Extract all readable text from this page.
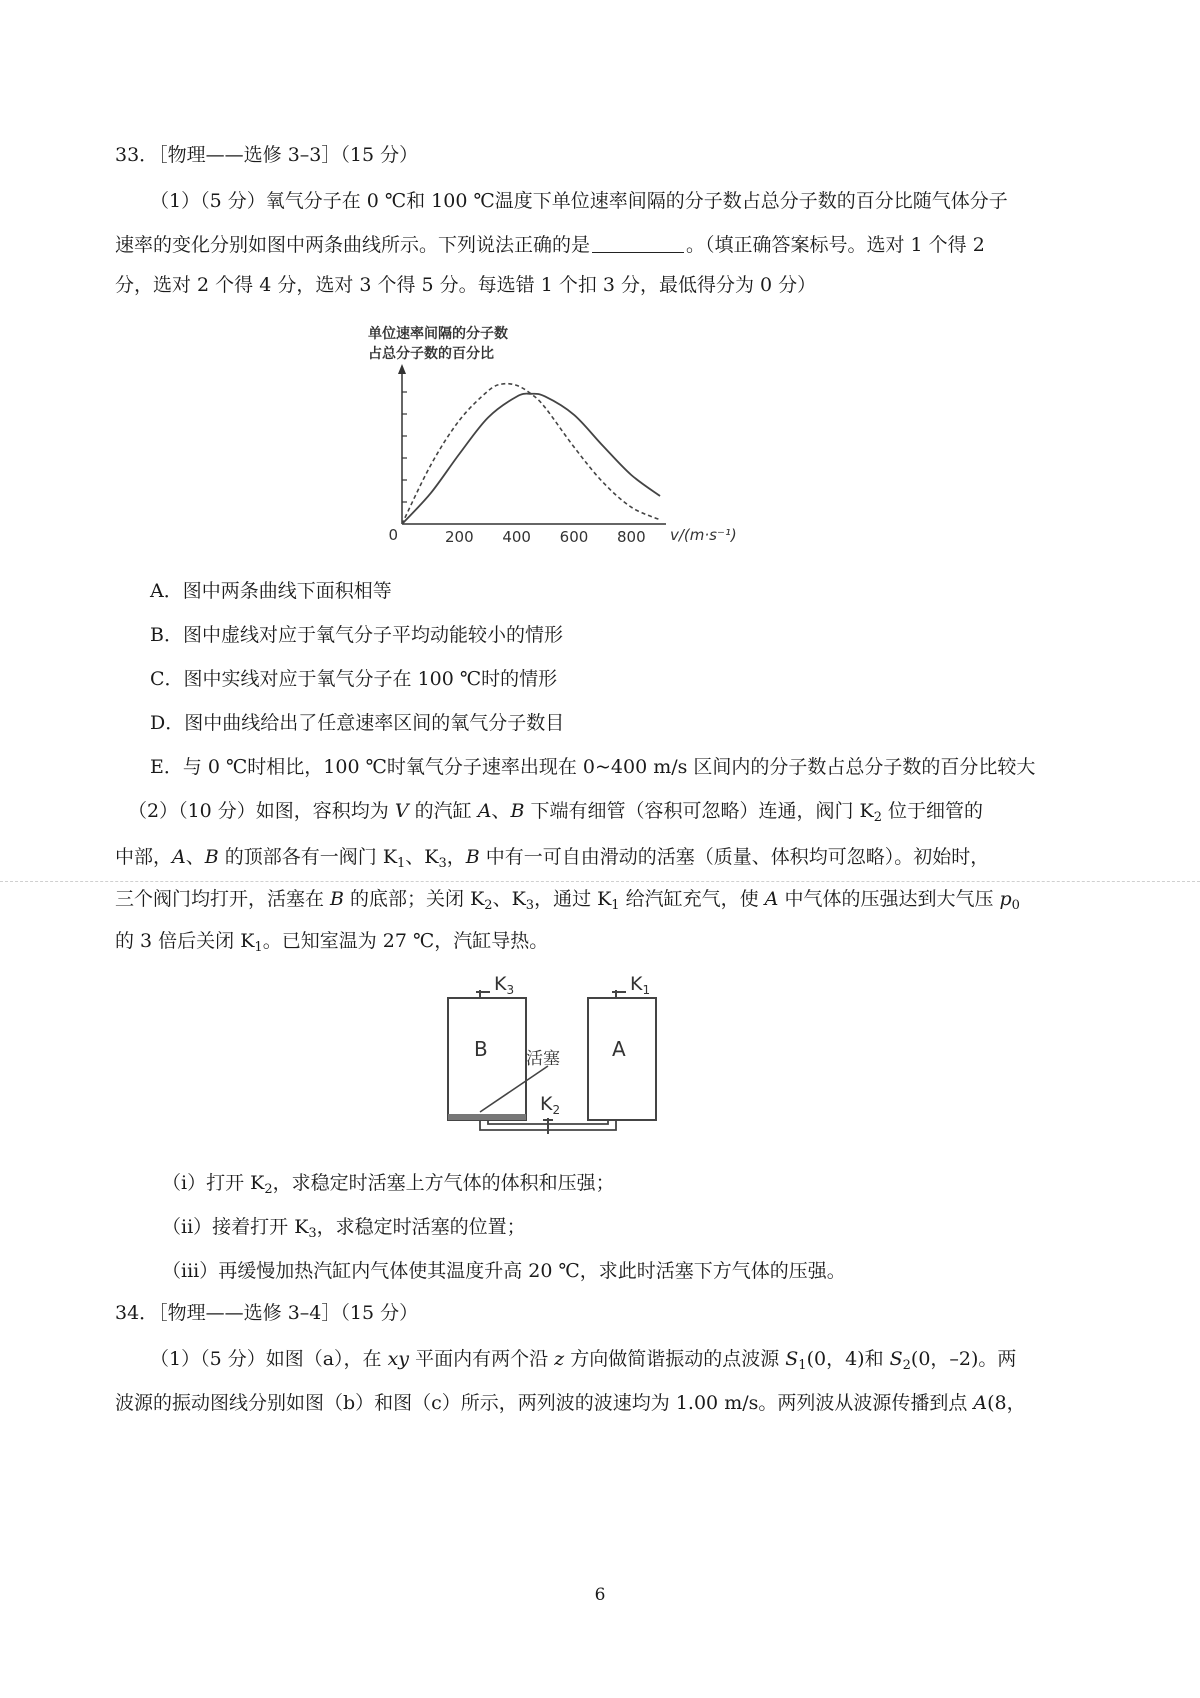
33．［物理——选修 3–3］（15 分）
（1）（5 分）氧气分子在 0 ℃和 100 ℃温度下单位速率间隔的分子数占总分子数的百分比随气体分子
速率的变化分别如图中两条曲线所示。下列说法正确的是	。（填正确答案标号。选对 1 个得 2
分，选对 2 个得 4 分，选对 3 个得 5 分。每选错 1 个扣 3 分，最低得分为 0 分）
单位速率间隔的分子数
占总分子数的百分比
200 400 600 800
0	v/(m·s⁻¹)
A．图中两条曲线下面积相等
B．图中虚线对应于氧气分子平均动能较小的情形
C．图中实线对应于氧气分子在 100 ℃时的情形
D．图中曲线给出了任意速率区间的氧气分子数目
E．与 0 ℃时相比，100 ℃时氧气分子速率出现在 0~400 m/s 区间内的分子数占总分子数的百分比较大
（2）（10 分）如图，容积均为 V 的汽缸 A、B 下端有细管（容积可忽略）连通，阀门 $K_2$ 位于细管的
中部，A、B 的顶部各有一阀门 $K_1$、$K_3$，B 中有一可自由滑动的活塞（质量、体积均可忽略）。初始时，
三个阀门均打开，活塞在 B 的底部；关闭 $K_2$、$K_3$，通过 $K_1$ 给汽缸充气，使 A 中气体的压强达到大气压 $p_0$
的 3 倍后关闭 $K_1$。已知室温为 27 ℃，汽缸导热。
B	A
活塞
$K_3$	$K_1$
$K_2$
（i）打开 $K_2$，求稳定时活塞上方气体的体积和压强；
（ii）接着打开 $K_3$，求稳定时活塞的位置；
（iii）再缓慢加热汽缸内气体使其温度升高 20 ℃，求此时活塞下方气体的压强。
34．［物理——选修 3–4］（15 分）
（1）（5 分）如图（a），在 xy 平面内有两个沿 z 方向做简谐振动的点波源 $S_1(0$，4)和 $S_2(0$，–2)。两
波源的振动图线分别如图（b）和图（c）所示，两列波的波速均为 1.00 m/s。两列波从波源传播到点 A(8，
6
